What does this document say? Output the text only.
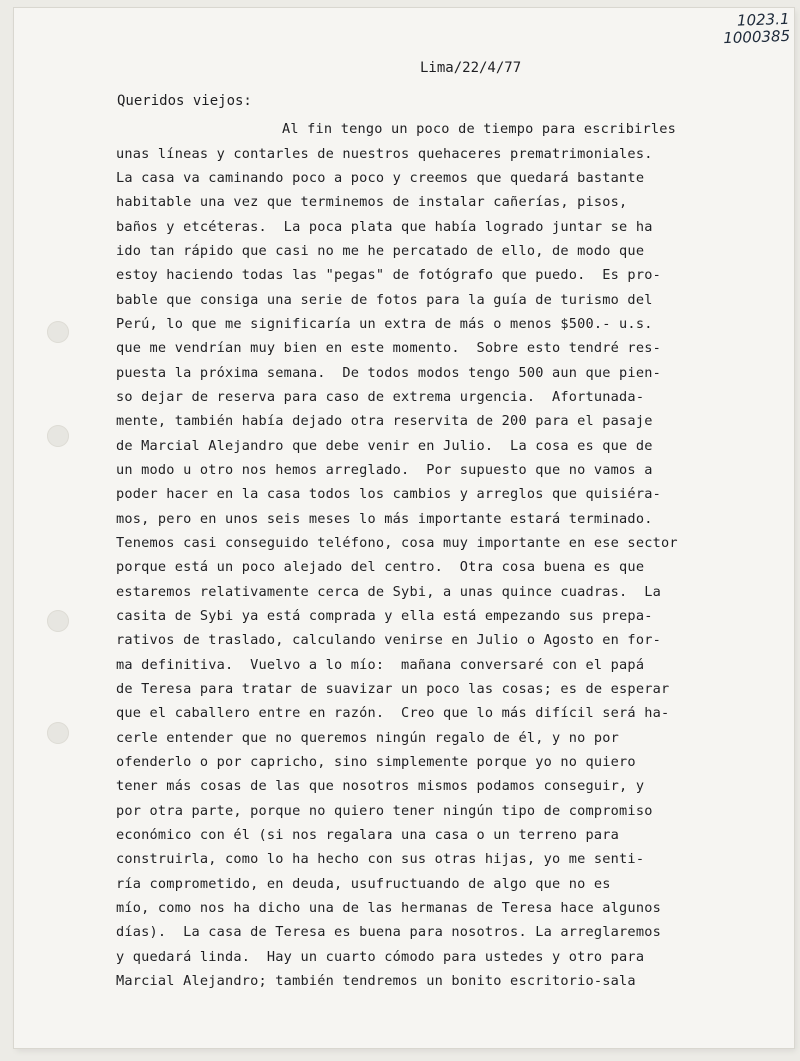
1023.1
1000385
Lima/22/4/77
Queridos viejos:
Al fin tengo un poco de tiempo para escribirles
unas líneas y contarles de nuestros quehaceres prematrimoniales.
La casa va caminando poco a poco y creemos que quedará bastante
habitable una vez que terminemos de instalar cañerías, pisos,
baños y etcéteras.  La poca plata que había logrado juntar se ha
ido tan rápido que casi no me he percatado de ello, de modo que
estoy haciendo todas las "pegas" de fotógrafo que puedo.  Es pro-
bable que consiga una serie de fotos para la guía de turismo del
Perú, lo que me significaría un extra de más o menos $500.- u.s.
que me vendrían muy bien en este momento.  Sobre esto tendré res-
puesta la próxima semana.  De todos modos tengo 500 aun que pien-
so dejar de reserva para caso de extrema urgencia.  Afortunada-
mente, también había dejado otra reservita de 200 para el pasaje
de Marcial Alejandro que debe venir en Julio.  La cosa es que de
un modo u otro nos hemos arreglado.  Por supuesto que no vamos a
poder hacer en la casa todos los cambios y arreglos que quisiéra-
mos, pero en unos seis meses lo más importante estará terminado.
Tenemos casi conseguido teléfono, cosa muy importante en ese sector
porque está un poco alejado del centro.  Otra cosa buena es que
estaremos relativamente cerca de Sybi, a unas quince cuadras.  La
casita de Sybi ya está comprada y ella está empezando sus prepa-
rativos de traslado, calculando venirse en Julio o Agosto en for-
ma definitiva.  Vuelvo a lo mío:  mañana conversaré con el papá
de Teresa para tratar de suavizar un poco las cosas; es de esperar
que el caballero entre en razón.  Creo que lo más difícil será ha-
cerle entender que no queremos ningún regalo de él, y no por
ofenderlo o por capricho, sino simplemente porque yo no quiero
tener más cosas de las que nosotros mismos podamos conseguir, y
por otra parte, porque no quiero tener ningún tipo de compromiso
económico con él (si nos regalara una casa o un terreno para
construirla, como lo ha hecho con sus otras hijas, yo me senti-
ría comprometido, en deuda, usufructuando de algo que no es
mío, como nos ha dicho una de las hermanas de Teresa hace algunos
días).  La casa de Teresa es buena para nosotros. La arreglaremos
y quedará linda.  Hay un cuarto cómodo para ustedes y otro para
Marcial Alejandro; también tendremos un bonito escritorio-sala
